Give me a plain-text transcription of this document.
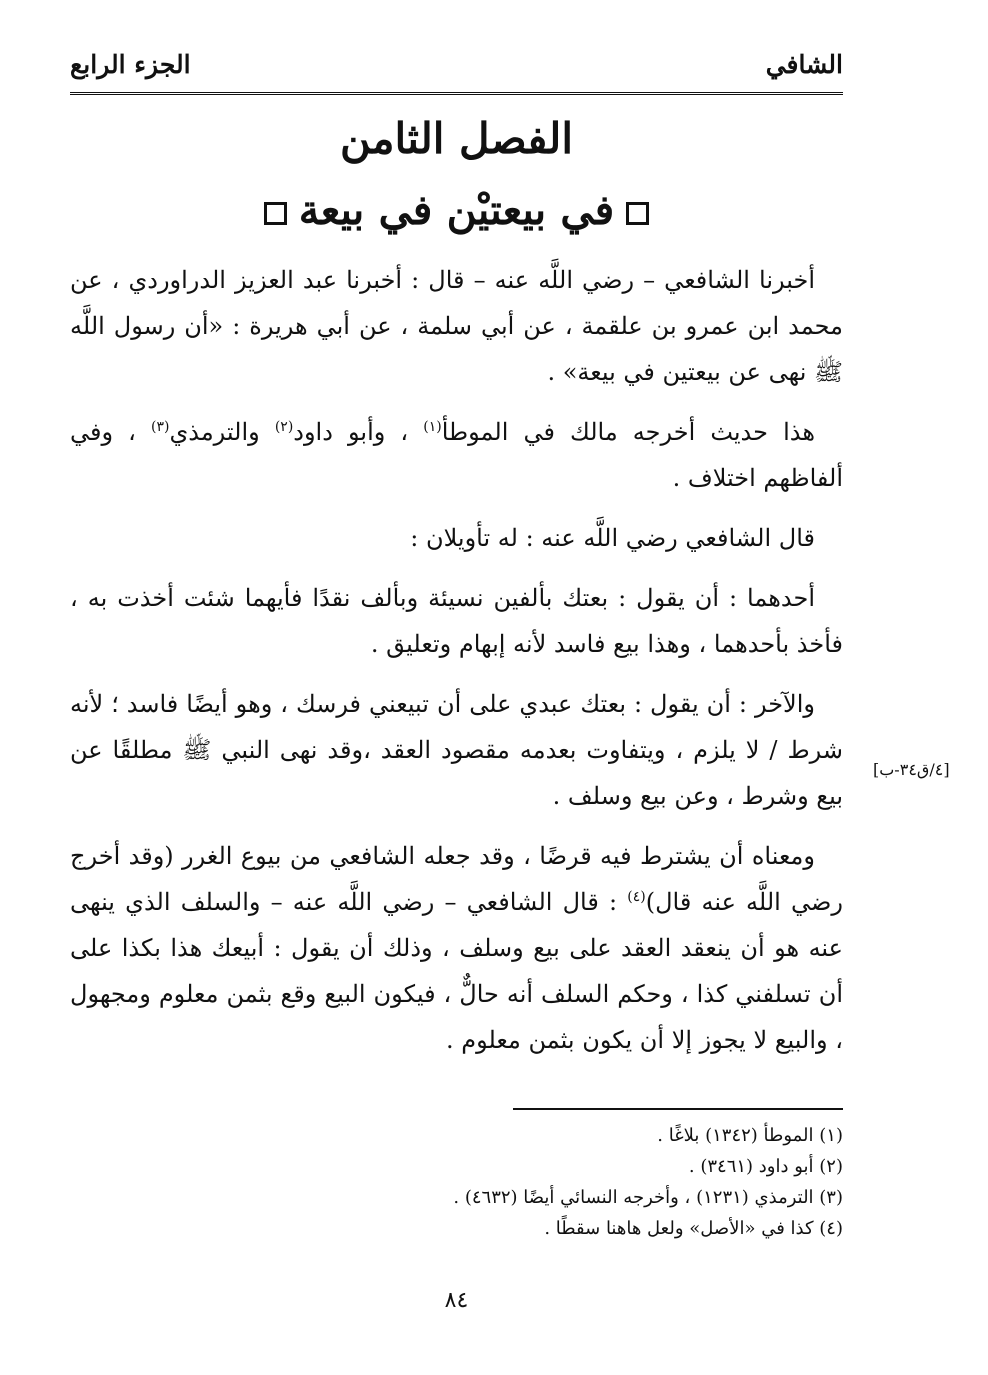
الشافي
الجزء الرابع
الفصل الثامن
في بيعتيْن في بيعة

أخبرنا الشافعي – رضي اللَّه عنه – قال : أخبرنا عبد العزيز الدراوردي ، عن محمد ابن عمرو بن علقمة ، عن أبي سلمة ، عن أبي هريرة : «أن رسول اللَّه ﷺ نهى عن بيعتين في بيعة» .

هذا حديث أخرجه مالك في الموطأ$^{(١)}$ ، وأبو داود$^{(٢)}$ والترمذي$^{(٣)}$ ، وفي ألفاظهم اختلاف .

قال الشافعي رضي اللَّه عنه : له تأويلان :

أحدهما : أن يقول : بعتك بألفين نسيئة وبألف نقدًا فأيهما شئت أخذت به ، فأخذ بأحدهما ، وهذا بيع فاسد لأنه إبهام وتعليق .

والآخر : أن يقول : بعتك عبدي على أن تبيعني فرسك ، وهو أيضًا فاسد ؛ لأنه شرط / لا يلزم ، ويتفاوت بعدمه مقصود العقد ،وقد نهى النبي ﷺ مطلقًا عن بيع وشرط ، وعن بيع وسلف .

ومعناه أن يشترط فيه قرضًا ، وقد جعله الشافعي من بيوع الغرر (وقد أخرج رضي اللَّه عنه قال)$^{(٤)}$ : قال الشافعي – رضي اللَّه عنه – والسلف الذي ينهى عنه هو أن ينعقد العقد على بيع وسلف ، وذلك أن يقول : أبيعك هذا بكذا على أن تسلفني كذا ، وحكم السلف أنه حالٌّ ، فيكون البيع وقع بثمن معلوم ومجهول ، والبيع لا يجوز إلا أن يكون بثمن معلوم .

[٤/ق٣٤-ب]
(١) الموطأ (١٣٤٢) بلاغًا .
(٢) أبو داود (٣٤٦١) .
(٣) الترمذي (١٢٣١) ، وأخرجه النسائي أيضًا (٤٦٣٢) .
(٤) كذا في «الأصل» ولعل هاهنا سقطًا .
٨٤
